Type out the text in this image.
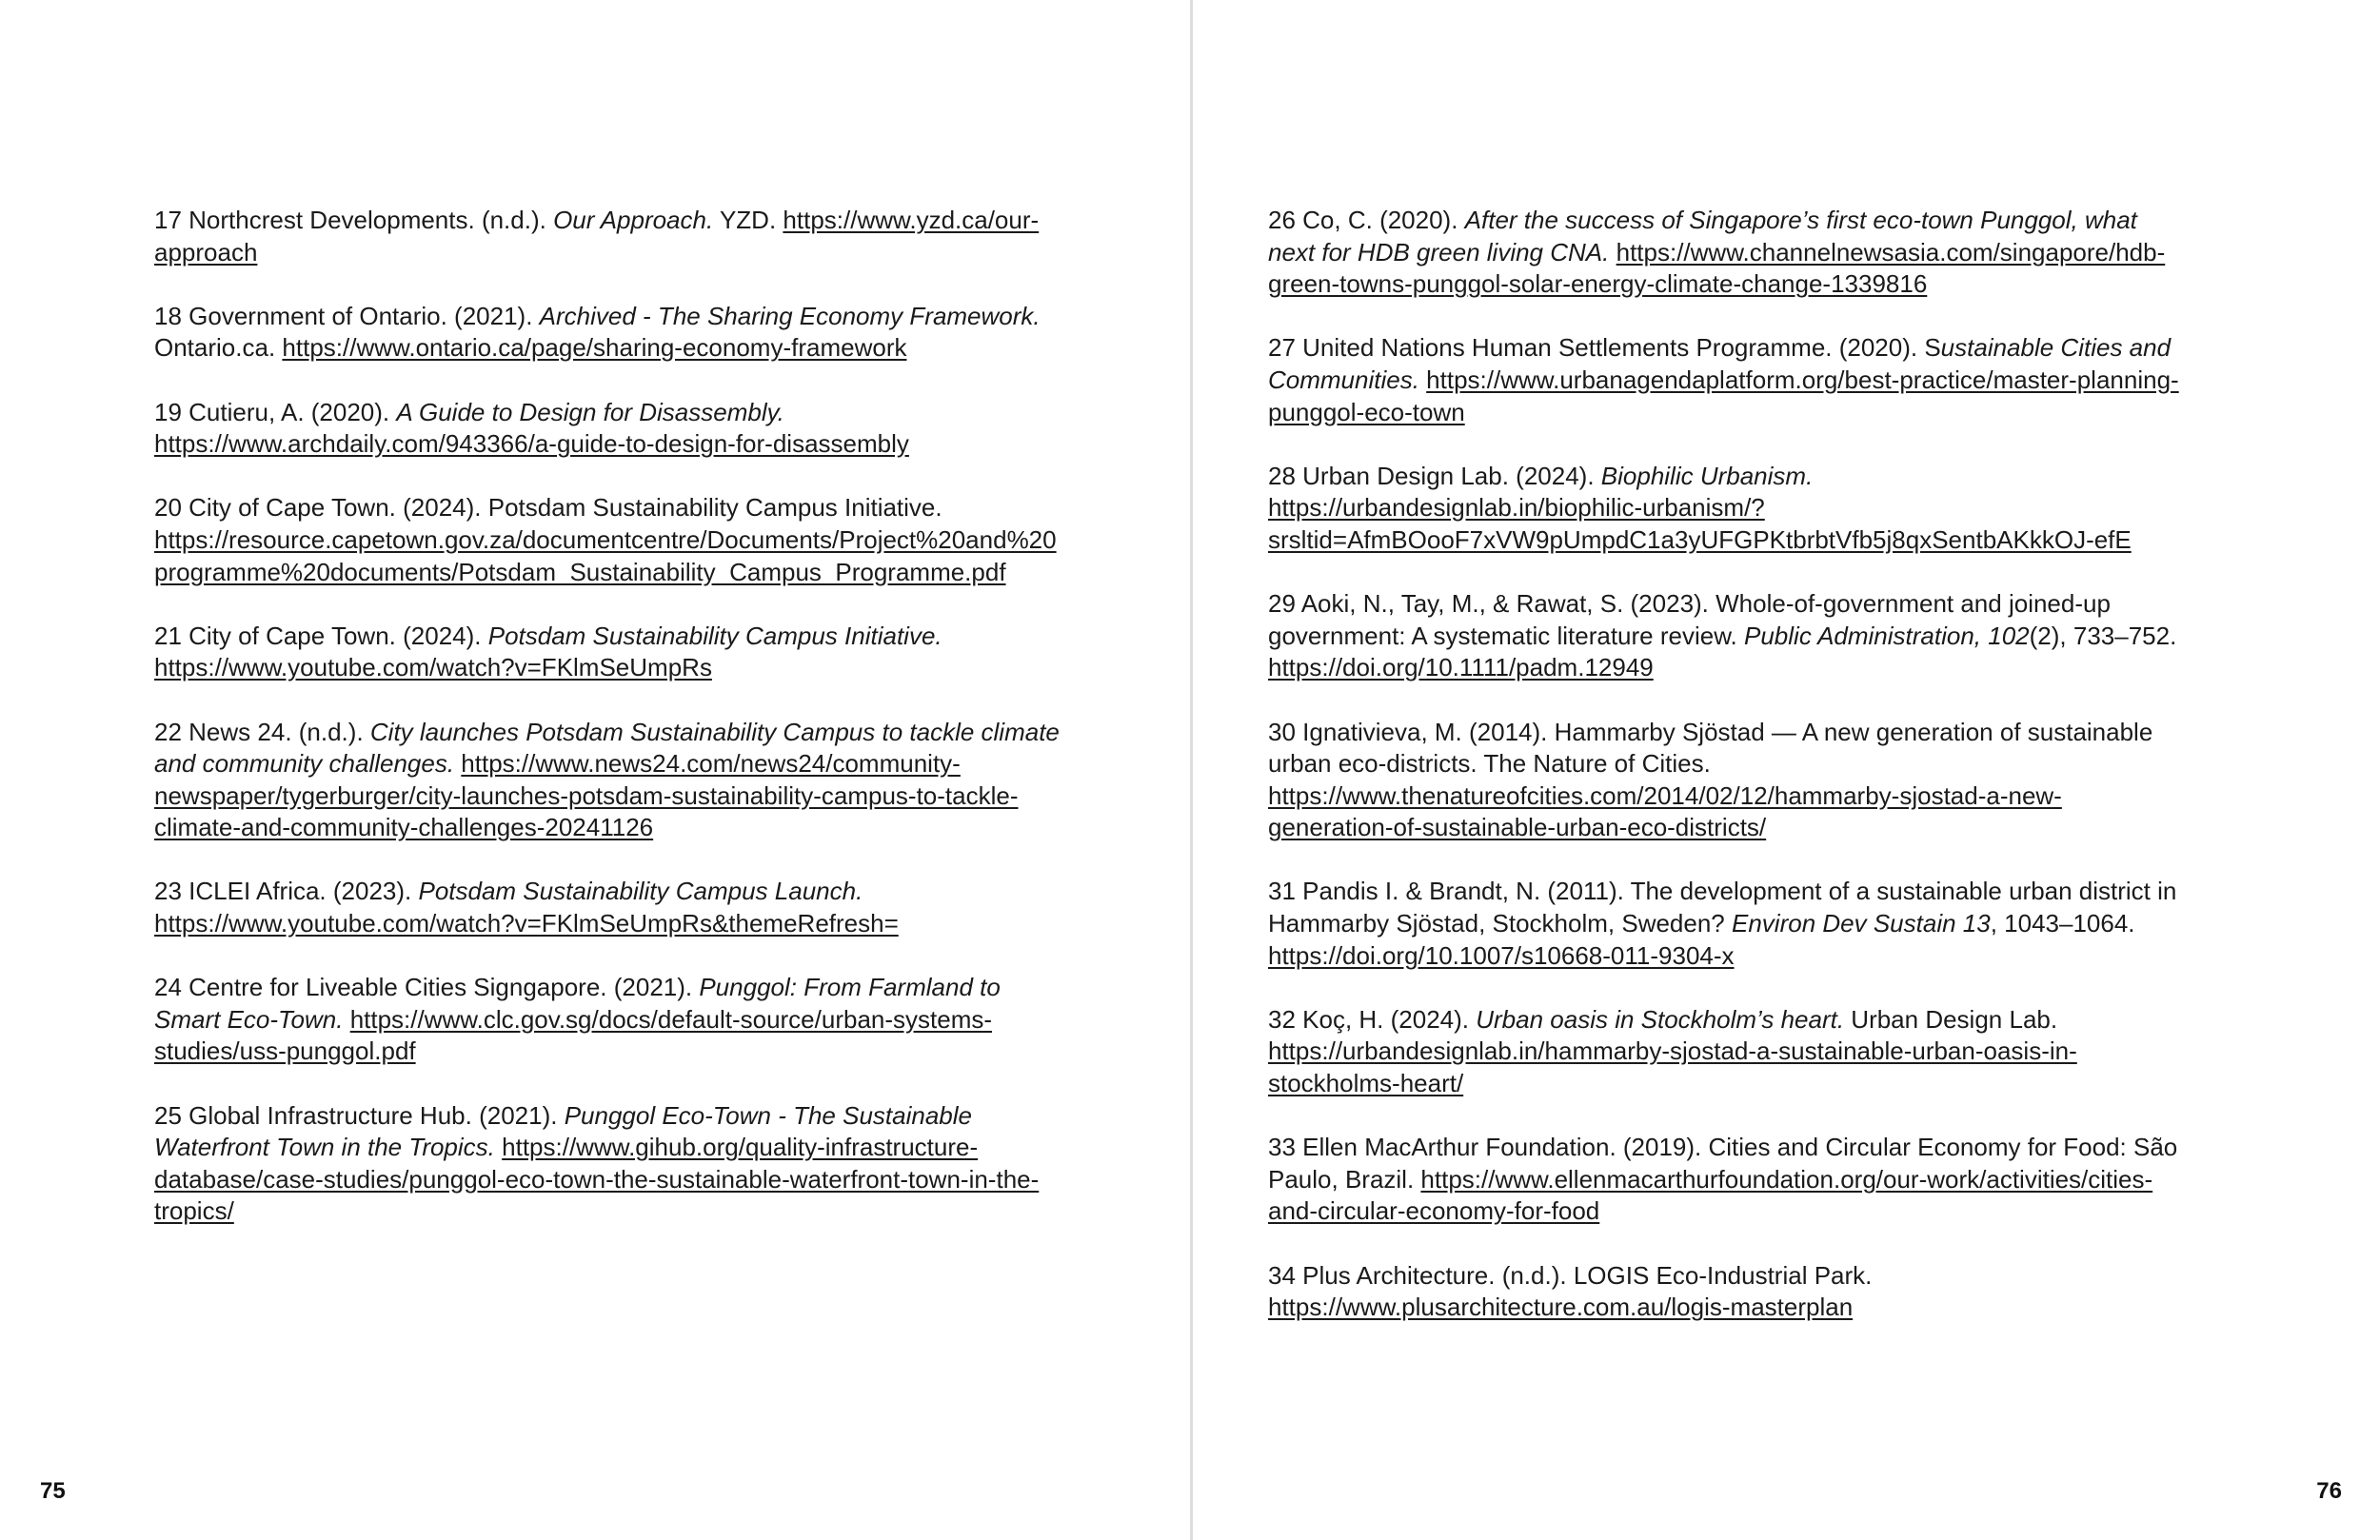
17 Northcrest Developments. (n.d.). Our Approach. YZD. https://www.yzd.ca/our-approach

18 Government of Ontario. (2021). Archived - The Sharing Economy Framework. Ontario.ca. https://www.ontario.ca/page/sharing-economy-framework

19 Cutieru, A. (2020). A Guide to Design for Disassembly. https://www.archdaily.com/943366/a-guide-to-design-for-disassembly

20 City of Cape Town. (2024). Potsdam Sustainability Campus Initiative. https://resource.capetown.gov.za/documentcentre/Documents/Project%20and%20programme%20documents/Potsdam_Sustainability_Campus_Programme.pdf

21 City of Cape Town. (2024). Potsdam Sustainability Campus Initiative. https://www.youtube.com/watch?v=FKlmSeUmpRs

22 News 24. (n.d.). City launches Potsdam Sustainability Campus to tackle climate and community challenges. https://www.news24.com/news24/community-newspaper/tygerburger/city-launches-potsdam-sustainability-campus-to-tackle-climate-and-community-challenges-20241126

23 ICLEI Africa. (2023). Potsdam Sustainability Campus Launch. https://www.youtube.com/watch?v=FKlmSeUmpRs&themeRefresh=

24 Centre for Liveable Cities Signgapore. (2021). Punggol: From Farmland to Smart Eco-Town. https://www.clc.gov.sg/docs/default-source/urban-systems-studies/uss-punggol.pdf

25 Global Infrastructure Hub. (2021). Punggol Eco-Town - The Sustainable Waterfront Town in the Tropics. https://www.gihub.org/quality-infrastructure-database/case-studies/punggol-eco-town-the-sustainable-waterfront-town-in-the-tropics/

26 Co, C. (2020). After the success of Singapore’s first eco-town Punggol, what next for HDB green living CNA. https://www.channelnewsasia.com/singapore/hdb-green-towns-punggol-solar-energy-climate-change-1339816

27 United Nations Human Settlements Programme. (2020). Sustainable Cities and Communities. https://www.urbanagendaplatform.org/best-practice/master-planning-punggol-eco-town

28 Urban Design Lab. (2024). Biophilic Urbanism. https://urbandesignlab.in/biophilic-urbanism/?srsltid=AfmBOooF7xVW9pUmpdC1a3yUFGPKtbrbtVfb5j8qxSentbAKkkOJ-efE

29 Aoki, N., Tay, M., & Rawat, S. (2023). Whole-of-government and joined-up government: A systematic literature review. Public Administration, 102(2), 733–752. https://doi.org/10.1111/padm.12949

30 Ignativieva, M. (2014). Hammarby Sjöstad — A new generation of sustainable urban eco-districts. The Nature of Cities. https://www.thenatureofcities.com/2014/02/12/hammarby-sjostad-a-new-generation-of-sustainable-urban-eco-districts/

31 Pandis I. & Brandt, N. (2011). The development of a sustainable urban district in Hammarby Sjöstad, Stockholm, Sweden? Environ Dev Sustain 13, 1043–1064. https://doi.org/10.1007/s10668-011-9304-x

32 Koç, H. (2024). Urban oasis in Stockholm’s heart. Urban Design Lab. https://urbandesignlab.in/hammarby-sjostad-a-sustainable-urban-oasis-in-stockholms-heart/

33 Ellen MacArthur Foundation. (2019). Cities and Circular Economy for Food: São Paulo, Brazil. https://www.ellenmacarthurfoundation.org/our-work/activities/cities-and-circular-economy-for-food

34 Plus Architecture. (n.d.). LOGIS Eco-Industrial Park. https://www.plusarchitecture.com.au/logis-masterplan

75	76
